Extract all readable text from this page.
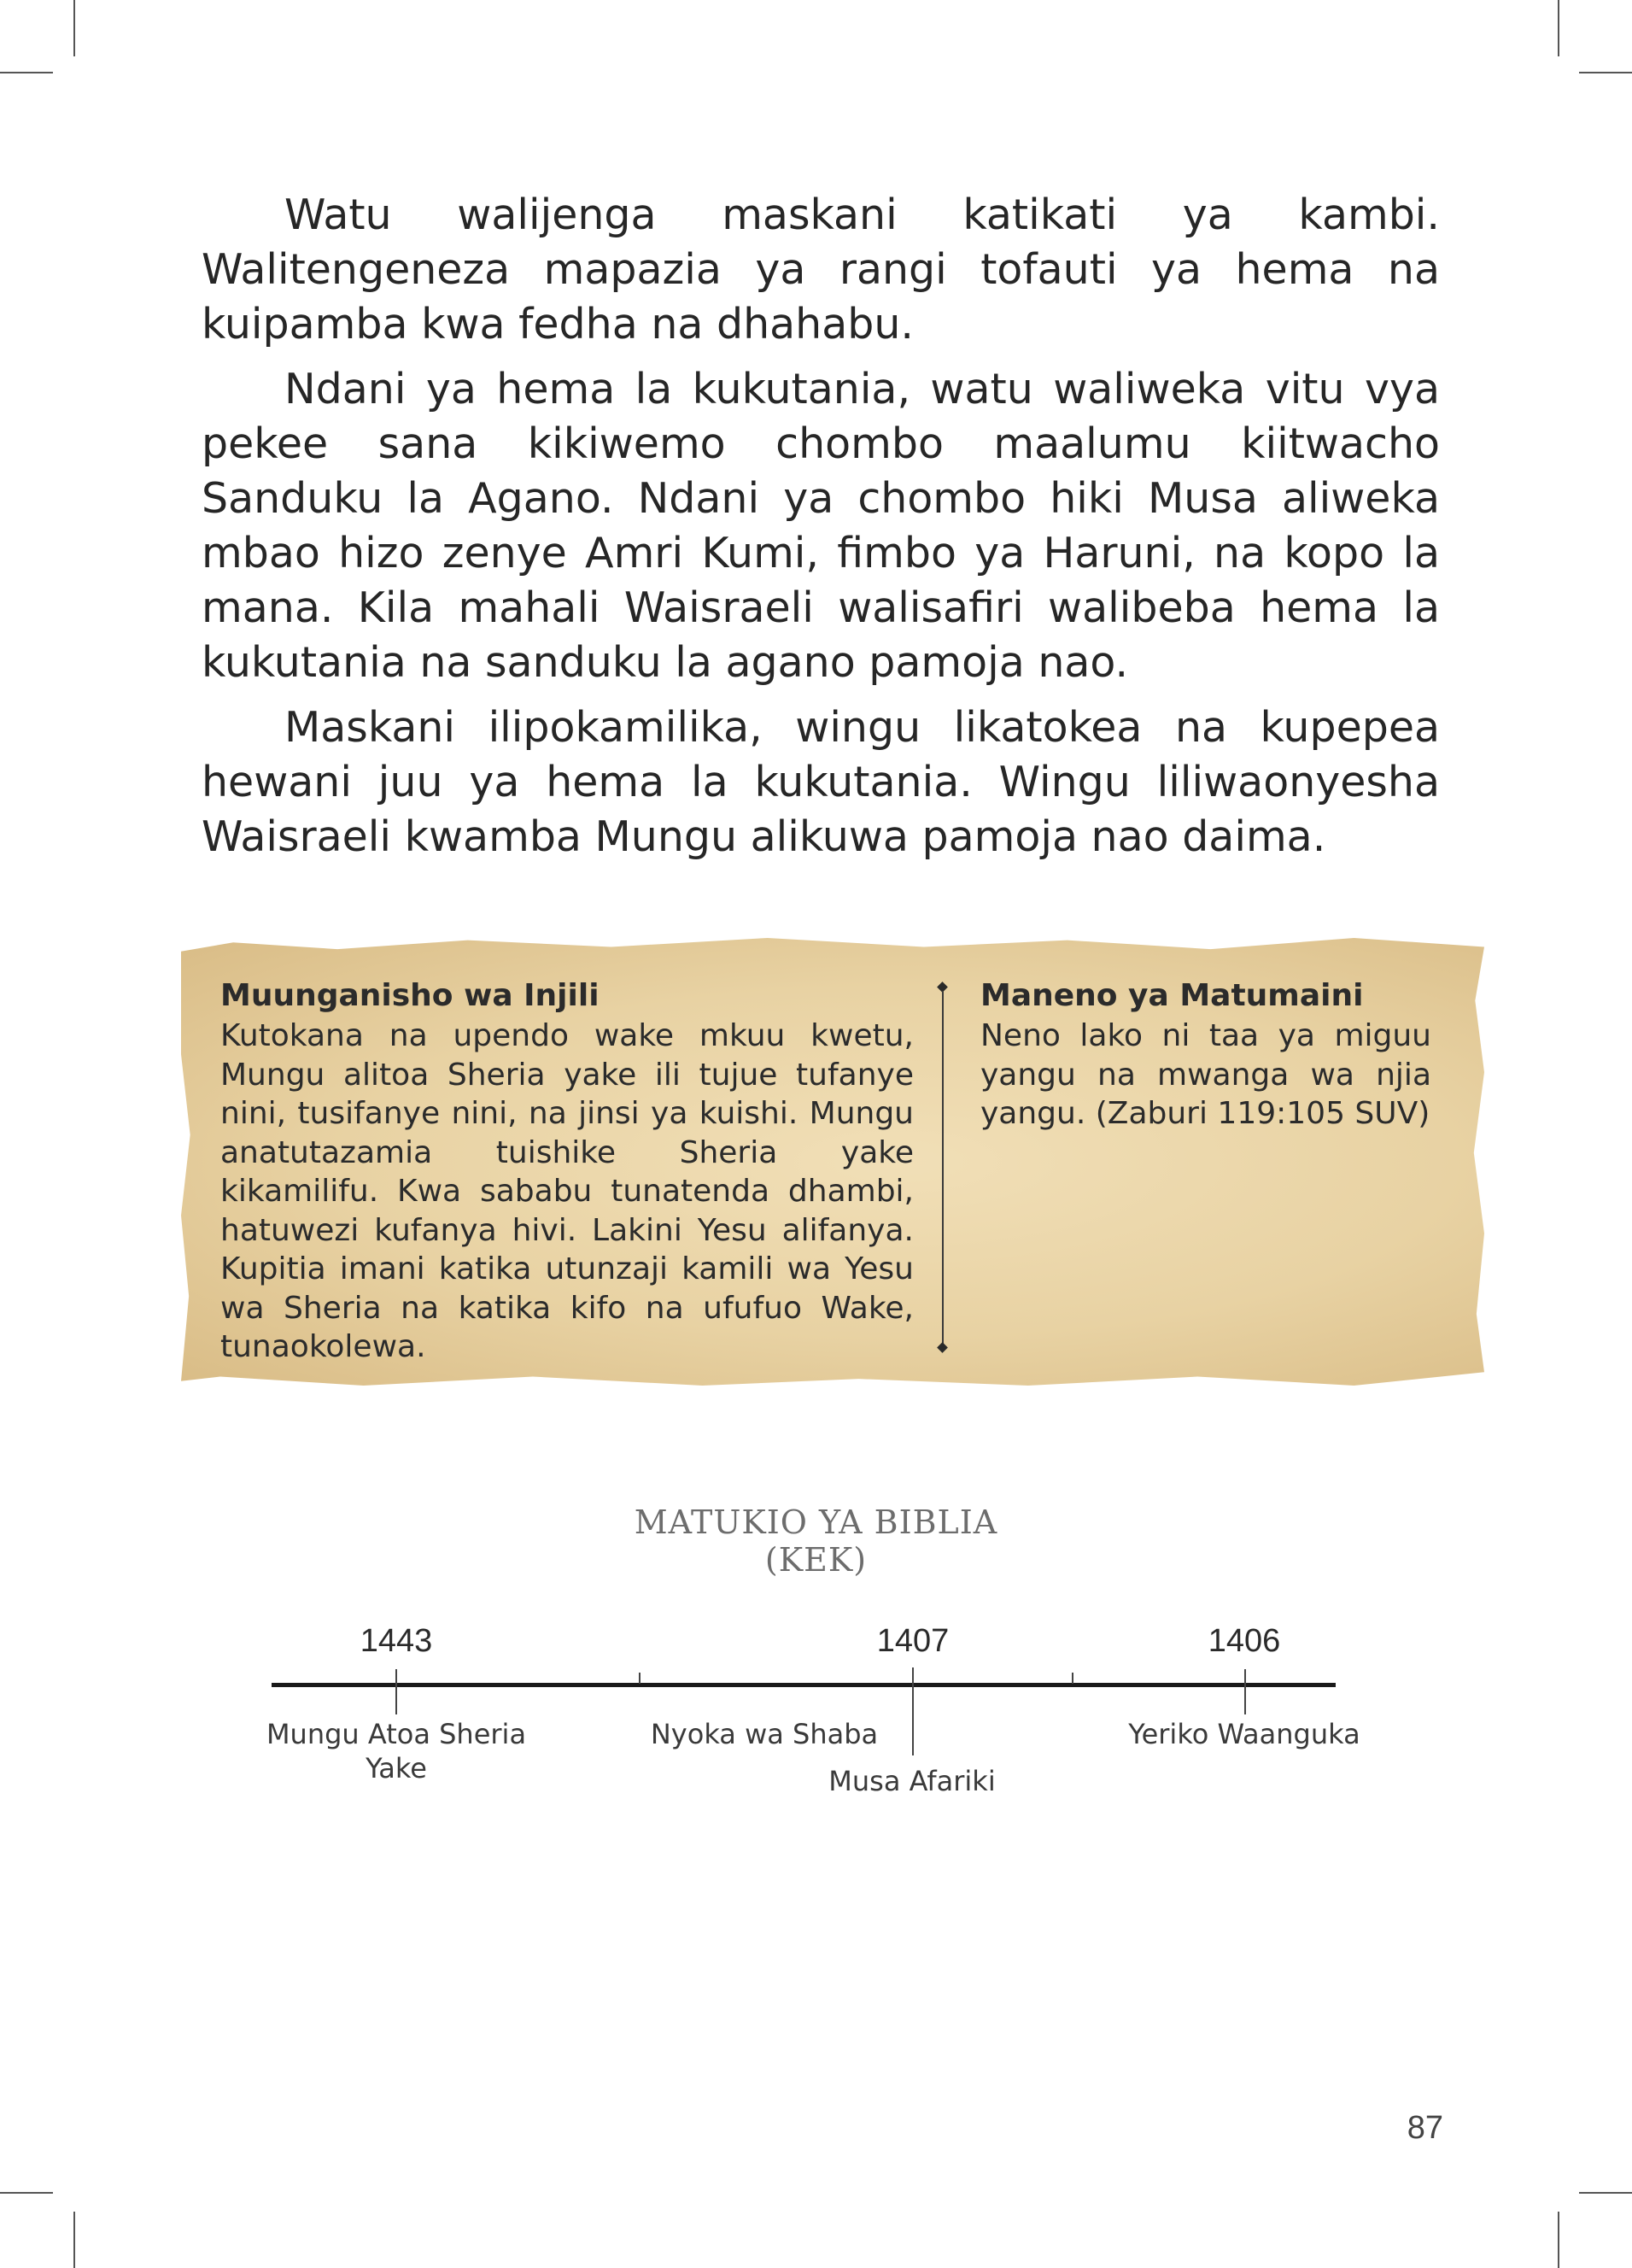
Watu walijenga maskani katikati ya kambi. Walitengeneza mapazia ya rangi tofauti ya hema na kuipamba kwa fedha na dhahabu.

Ndani ya hema la kukutania, watu waliweka vitu vya pekee sana kikiwemo chombo maalumu kiitwacho Sanduku la Agano. Ndani ya chombo hiki Musa aliweka mbao hizo zenye Amri Kumi, fimbo ya Haruni, na kopo la mana. Kila mahali Waisraeli walisafiri walibeba hema la kukutania na sanduku la agano pamoja nao.

Maskani ilipokamilika, wingu likatokea na kupepea hewani juu ya hema la kukutania. Wingu liliwaonyesha Waisraeli kwamba Mungu alikuwa pamoja nao daima.

Muunganisho wa Injili
Kutokana na upendo wake mkuu kwetu, Mungu alitoa Sheria yake ili tujue tufanye nini, tusifanye nini, na jinsi ya kuishi. Mungu anatutazamia tuishike Sheria yake kikamilifu. Kwa sababu tunatenda dhambi, hatuwezi kufanya hivi. Lakini Yesu alifanya. Kupitia imani katika utunzaji kamili wa Yesu wa Sheria na katika kifo na ufufuo Wake, tunaokolewa.
Maneno ya Matumaini
Neno lako ni taa ya miguu yangu na mwanga wa njia yangu. (Zaburi 119:105 SUV)
MATUKIO YA BIBLIA
(KEK)
1443	1407	1406
Mungu Atoa Sheria
Yake
Nyoka wa Shaba
Musa Afariki
Yeriko Waanguka
87
